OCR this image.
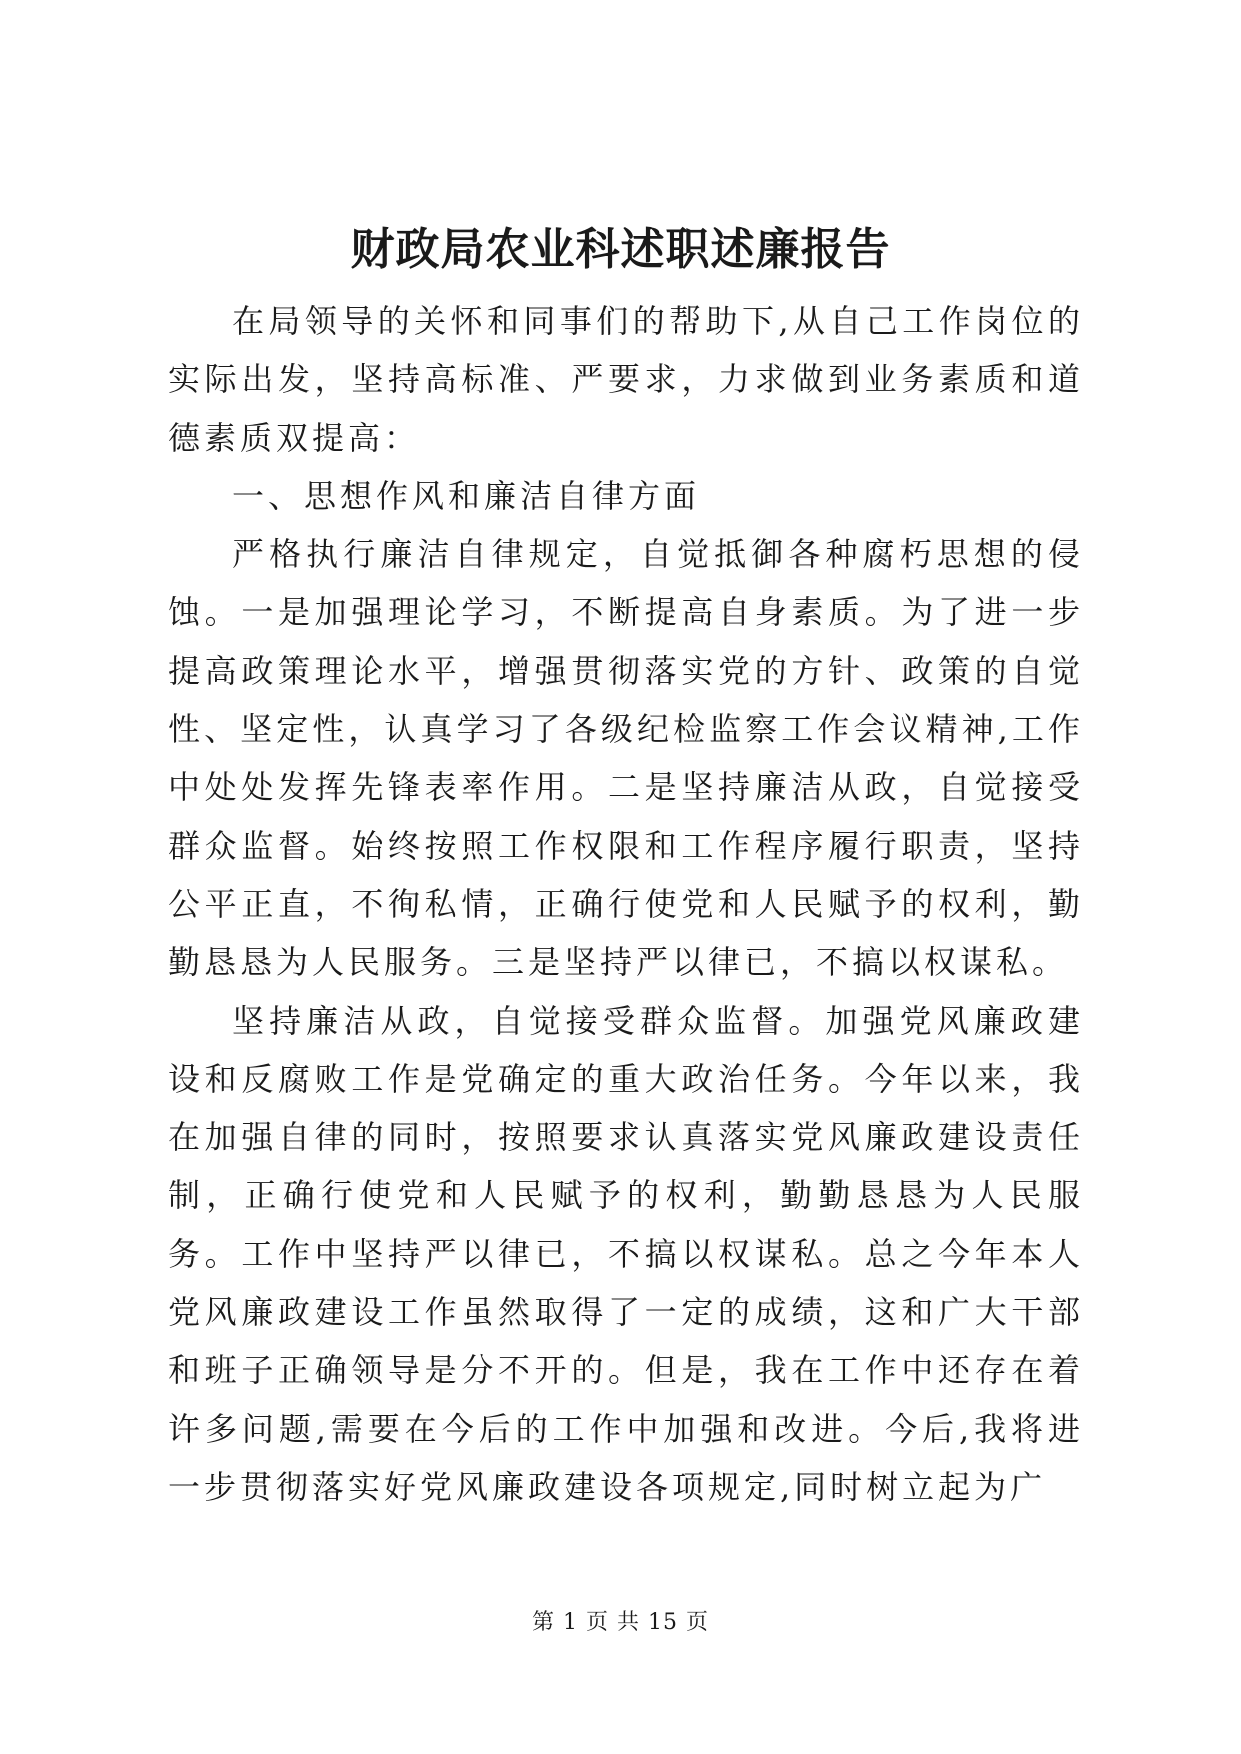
财政局农业科述职述廉报告

在局领导的关怀和同事们的帮助下,从自己工作岗位的实际出发，坚持高标准、严要求，力求做到业务素质和道德素质双提高：

一、思想作风和廉洁自律方面

严格执行廉洁自律规定，自觉抵御各种腐朽思想的侵蚀。一是加强理论学习，不断提高自身素质。为了进一步提高政策理论水平，增强贯彻落实党的方针、政策的自觉性、坚定性，认真学习了各级纪检监察工作会议精神,工作中处处发挥先锋表率作用。二是坚持廉洁从政，自觉接受群众监督。始终按照工作权限和工作程序履行职责，坚持公平正直，不徇私情，正确行使党和人民赋予的权利，勤勤恳恳为人民服务。三是坚持严以律已，不搞以权谋私。

坚持廉洁从政，自觉接受群众监督。加强党风廉政建设和反腐败工作是党确定的重大政治任务。今年以来，我在加强自律的同时，按照要求认真落实党风廉政建设责任制，正确行使党和人民赋予的权利，勤勤恳恳为人民服务。工作中坚持严以律已，不搞以权谋私。总之今年本人党风廉政建设工作虽然取得了一定的成绩，这和广大干部和班子正确领导是分不开的。但是，我在工作中还存在着许多问题,需要在今后的工作中加强和改进。今后,我将进一步贯彻落实好党风廉政建设各项规定,同时树立起为广

第 1 页 共 15 页
